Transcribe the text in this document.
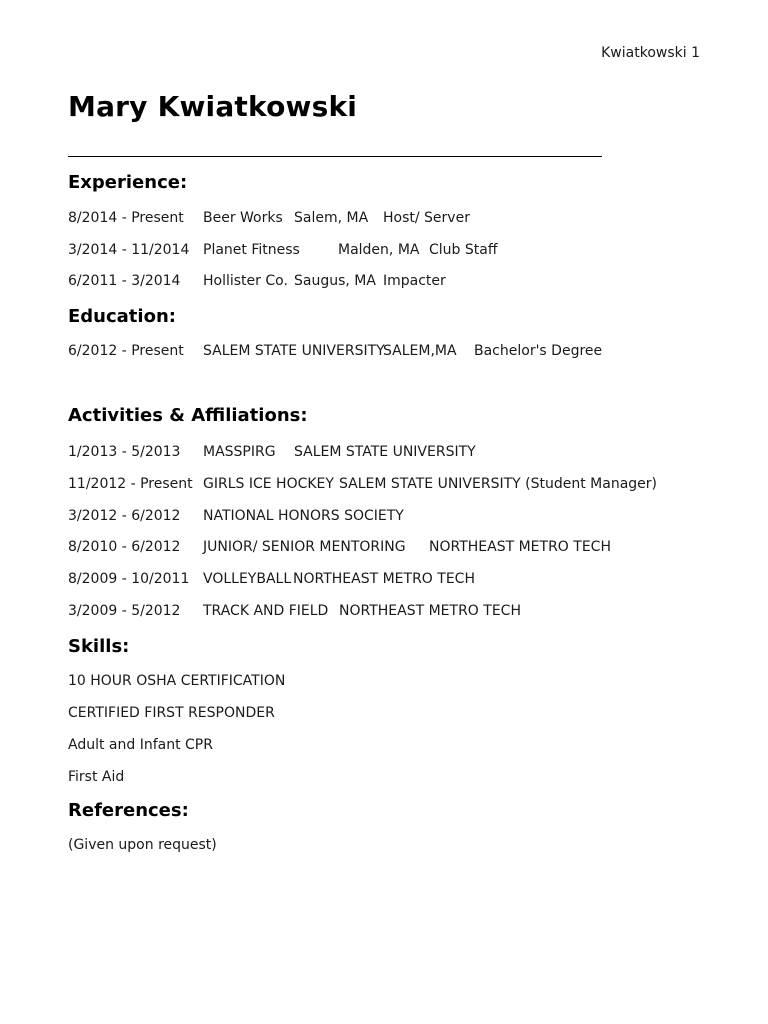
Kwiatkowski 1
Mary Kwiatkowski
Experience:
8/2014 - Present Beer Works Salem, MA Host/ Server
3/2014 - 11/2014 Planet Fitness	Malden, MA Club Staff
6/2011 - 3/2014 Hollister Co. Saugus, MA Impacter
Education:
6/2012 - Present SALEM STATE UNIVERSITY
SALEM,MA Bachelor's Degree
Activities & Affiliations:
1/2013 - 5/2013 MASSPIRG SALEM STATE UNIVERSITY
11/2012 - Present GIRLS ICE HOCKEY SALEM STATE UNIVERSITY (Student Manager)
3/2012 - 6/2012 NATIONAL HONORS SOCIETY
8/2010 - 6/2012 JUNIOR/ SENIOR MENTORING NORTHEAST METRO TECH
8/2009 - 10/2011 VOLLEYBALL NORTHEAST METRO TECH
3/2009 - 5/2012 TRACK AND FIELD NORTHEAST METRO TECH
Skills:
10 HOUR OSHA CERTIFICATION
CERTIFIED FIRST RESPONDER
Adult and Infant CPR
First Aid
References:
(Given upon request)
